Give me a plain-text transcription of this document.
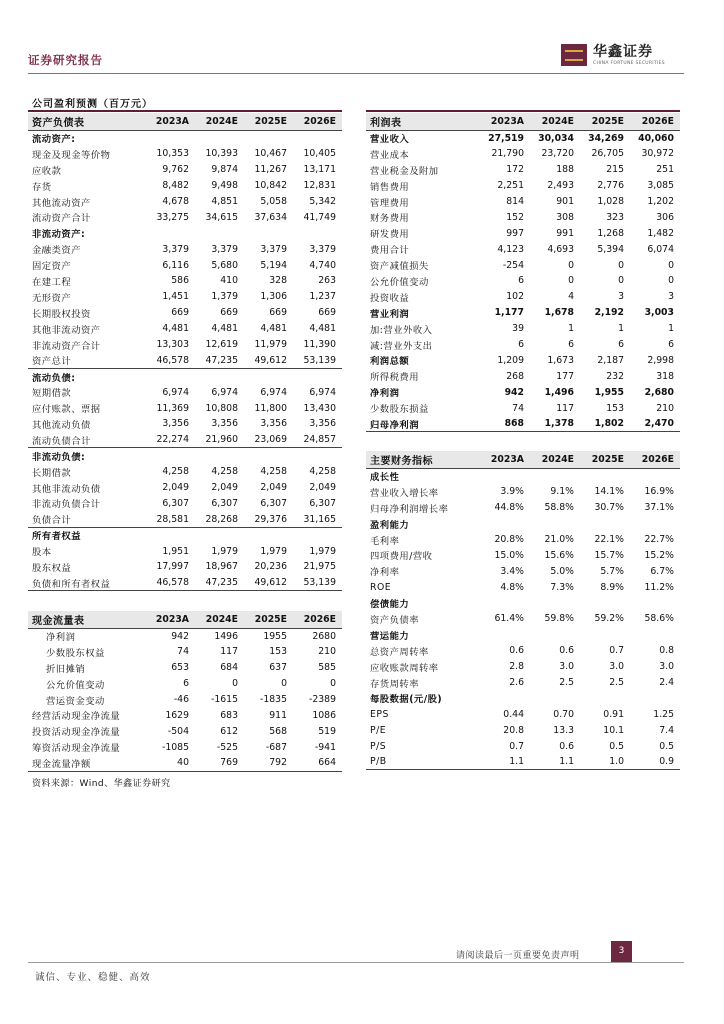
证券研究报告	华鑫证券
CHINA FORTUNE SECURITIES
公司盈利预测（百万元）
资产负债表	2023A	2024E	2025E	2026E
流动资产:				
现金及现金等价物	10,353	10,393	10,467	10,405
应收款	9,762	9,874	11,267	13,171
存货	8,482	9,498	10,842	12,831
其他流动资产	4,678	4,851	5,058	5,342
流动资产合计	33,275	34,615	37,634	41,749
非流动资产:				
金融类资产	3,379	3,379	3,379	3,379
固定资产	6,116	5,680	5,194	4,740
在建工程	586	410	328	263
无形资产	1,451	1,379	1,306	1,237
长期股权投资	669	669	669	669
其他非流动资产	4,481	4,481	4,481	4,481
非流动资产合计	13,303	12,619	11,979	11,390
资产总计	46,578	47,235	49,612	53,139
流动负债:				
短期借款	6,974	6,974	6,974	6,974
应付账款、票据	11,369	10,808	11,800	13,430
其他流动负债	3,356	3,356	3,356	3,356
流动负债合计	22,274	21,960	23,069	24,857
非流动负债:				
长期借款	4,258	4,258	4,258	4,258
其他非流动负债	2,049	2,049	2,049	2,049
非流动负债合计	6,307	6,307	6,307	6,307
负债合计	28,581	28,268	29,376	31,165
所有者权益				
股本	1,951	1,979	1,979	1,979
股东权益	17,997	18,967	20,236	21,975
负债和所有者权益	46,578	47,235	49,612	53,139
利润表	2023A	2024E	2025E	2026E
营业收入	27,519	30,034	34,269	40,060
营业成本	21,790	23,720	26,705	30,972
营业税金及附加	172	188	215	251
销售费用	2,251	2,493	2,776	3,085
管理费用	814	901	1,028	1,202
财务费用	152	308	323	306
研发费用	997	991	1,268	1,482
费用合计	4,123	4,693	5,394	6,074
资产减值损失	-254	0	0	0
公允价值变动	6	0	0	0
投资收益	102	4	3	3
营业利润	1,177	1,678	2,192	3,003
加:营业外收入	39	1	1	1
减:营业外支出	6	6	6	6
利润总额	1,209	1,673	2,187	2,998
所得税费用	268	177	232	318
净利润	942	1,496	1,955	2,680
少数股东损益	74	117	153	210
归母净利润	868	1,378	1,802	2,470
主要财务指标	2023A	2024E	2025E	2026E
成长性				
营业收入增长率	3.9%	9.1%	14.1%	16.9%
归母净利润增长率	44.8%	58.8%	30.7%	37.1%
盈利能力				
毛利率	20.8%	21.0%	22.1%	22.7%
四项费用/营收	15.0%	15.6%	15.7%	15.2%
净利率	3.4%	5.0%	5.7%	6.7%
ROE	4.8%	7.3%	8.9%	11.2%
偿债能力				
资产负债率	61.4%	59.8%	59.2%	58.6%
营运能力				
总资产周转率	0.6	0.6	0.7	0.8
应收账款周转率	2.8	3.0	3.0	3.0
存货周转率	2.6	2.5	2.5	2.4
每股数据(元/股)				
EPS	0.44	0.70	0.91	1.25
P/E	20.8	13.3	10.1	7.4
P/S	0.7	0.6	0.5	0.5
P/B	1.1	1.1	1.0	0.9
现金流量表	2023A	2024E	2025E	2026E
净利润	942	1496	1955	2680
少数股东权益	74	117	153	210
折旧摊销	653	684	637	585
公允价值变动	6	0	0	0
营运资金变动	-46	-1615	-1835	-2389
经营活动现金净流量	1629	683	911	1086
投资活动现金净流量	-504	612	568	519
筹资活动现金净流量	-1085	-525	-687	-941
现金流量净额	40	769	792	664
资料来源：Wind、华鑫证券研究
请阅读最后一页重要免责声明	3
诚信、专业、稳健、高效
